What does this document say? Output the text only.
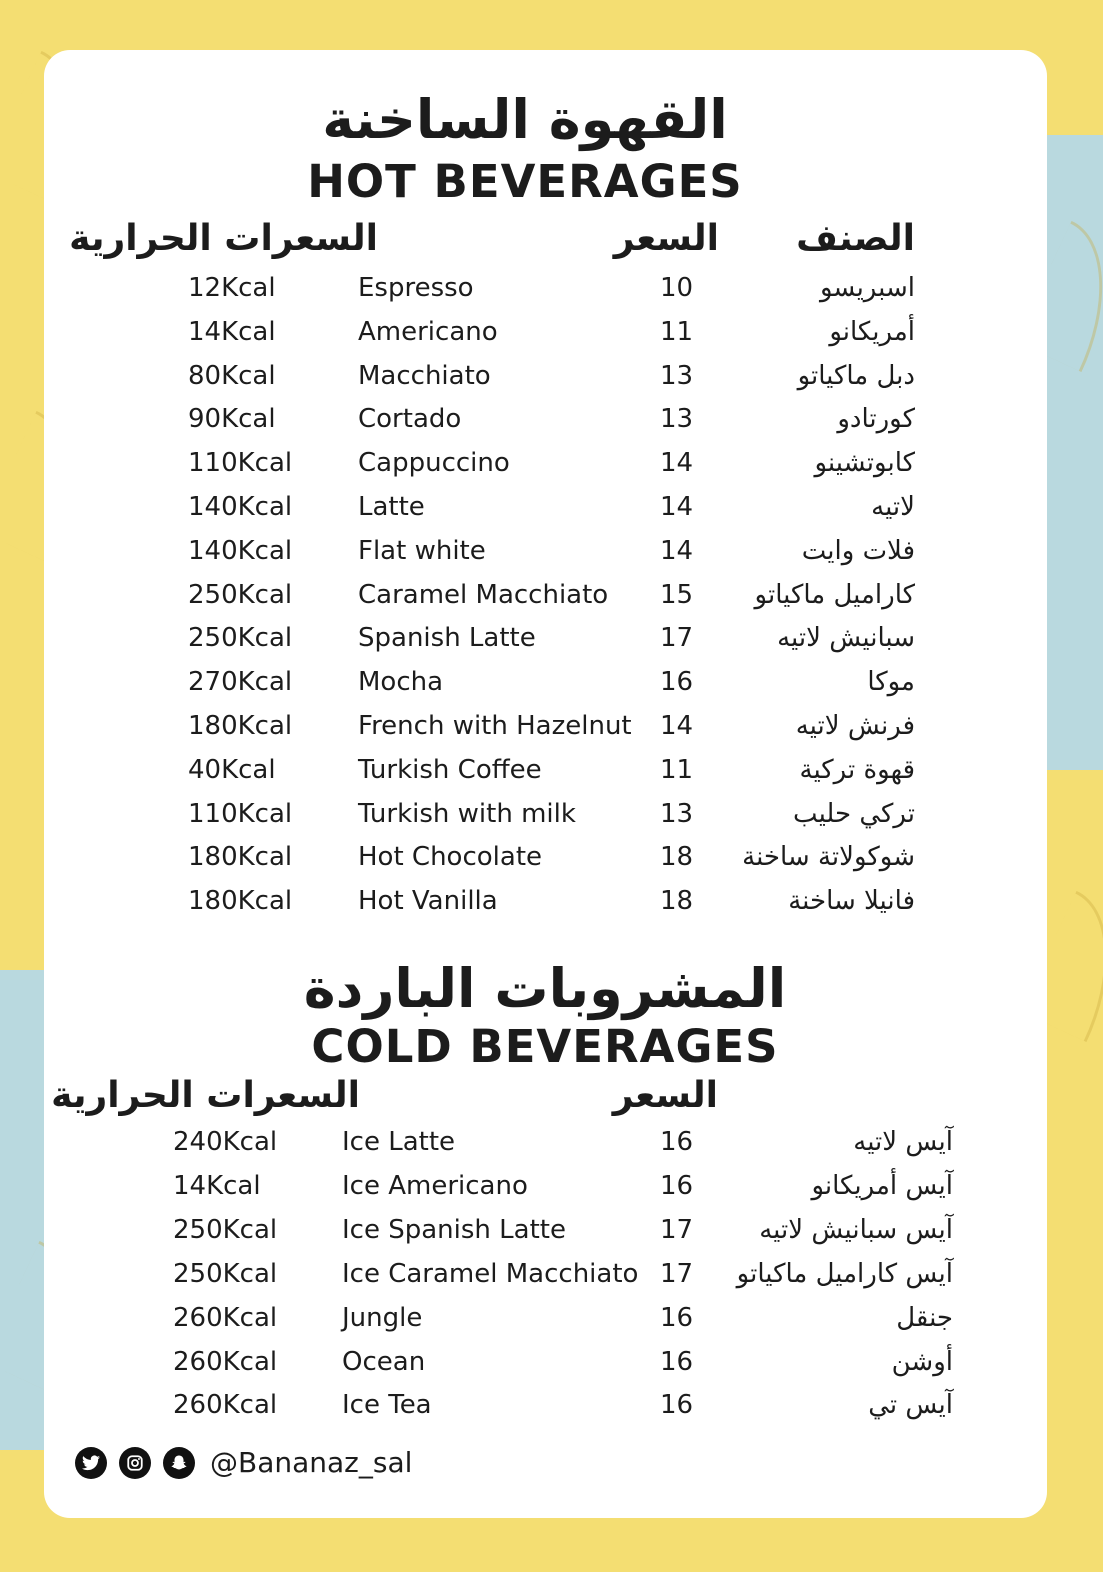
القهوة الساخنة
HOT BEVERAGES
الصنف
السعر
السعرات الحرارية
12Kcal	Espresso	10	اسبريسو
14Kcal	Americano	11	أمريكانو
80Kcal	Macchiato	13	دبل ماكياتو
90Kcal	Cortado	13	كورتادو
110Kcal	Cappuccino	14	كابوتشينو
140Kcal	Latte	14	لاتيه
140Kcal	Flat white	14	فلات وايت
250Kcal	Caramel Macchiato 15 كاراميل ماكياتو
250Kcal	Spanish Latte	17	سبانيش لاتيه
270Kcal	Mocha	16	موكا
180Kcal	French with Hazelnut 14	فرنش لاتيه
40Kcal	Turkish Coffee	11	قهوة تركية
110Kcal	Turkish with milk	13	تركي حليب
180Kcal	Hot Chocolate	18 شوكولاتة ساخنة
180Kcal	Hot Vanilla	18	فانيلا ساخنة
المشروبات الباردة
COLD BEVERAGES
السعر
السعرات الحرارية
240Kcal Ice Latte	16	آيس لاتيه
14Kcal	Ice Americano	16	آيس أمريكانو
250Kcal Ice Spanish Latte	17	آيس سبانيش لاتيه
250Kcal Ice Caramel Macchiato 17 آيس كاراميل ماكياتو
260Kcal Jungle	16	جنقل
260Kcal Ocean	16	أوشن
260Kcal Ice Tea	16	آيس تي
@Bananaz_sal
